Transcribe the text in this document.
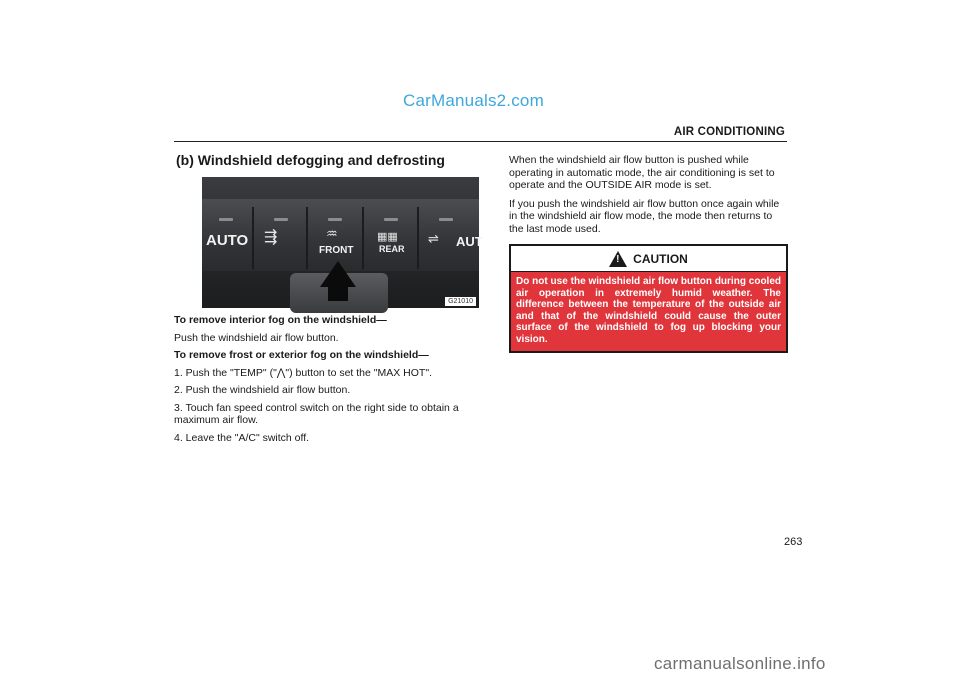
CarManuals2.com
AIR CONDITIONING
(b) Windshield defogging and defrosting
AUTO ⇶	♒
FRONT
▦▦
REAR
⇌ AUT
G21010
To remove interior fog on the windshield—
Push the windshield air flow button.
To remove frost or exterior fog on the windshield—
1. Push the "TEMP" ("⋀") button to set the "MAX HOT".
2. Push the windshield air flow button.
3. Touch fan speed control switch on the right side to obtain a maximum air flow.
4. Leave the "A/C" switch off.
When the windshield air flow button is pushed while operating in automatic mode, the air conditioning is set to operate and the OUTSIDE AIR mode is set.
If you push the windshield air flow button once again while in the windshield air flow mode, the mode then returns to the last mode used.
!
CAUTION
Do not use the windshield air flow button during cooled air operation in extremely humid weather. The difference between the temperature of the outside air and that of the windshield could cause the outer surface of the windshield to fog up blocking your vision.
263
carmanualsonline.info
